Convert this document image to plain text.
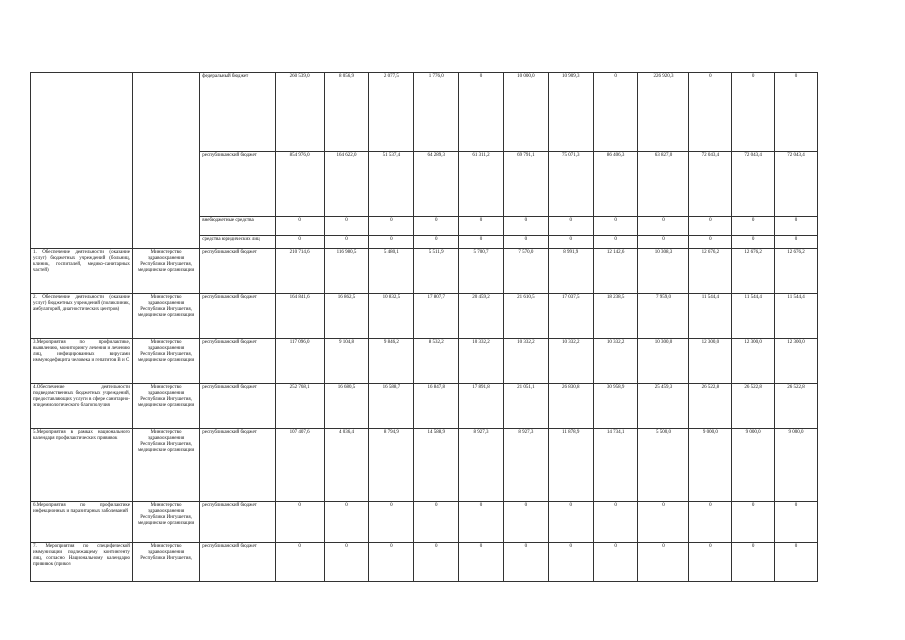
		федеральный бюджет	260 539,0	8 056,9	2 077,5	1 776,0	0	10 000,0	10 909,3	0	226 920,3	0	0	0
		республиканский бюджет	854 976,0	164 622,0	51 537,4	64 289,3	61 311,2	69 791,1	75 071,3	86 406,3	63 827,0	72 043,4	72 043,4	72 043,4
		внебюджетные средства	0	0	0	0	0	0	0	0	0	0	0	0
		средства юридических лиц	0	0	0	0	0	0	0	0	0	0	0	0
1. Обеспечение деятельности (оказание услуг) бюджетных учреждений (больниц, клиник, госпиталей, медико-санитарных частей)	Министерство здравоохранения Республики Ингушетия, медицинские организации	республиканский бюджет	210 714,6	116 980,5	5 480,1	5 511,9	5 700,7	7 570,0	8 991,9	12 142,6	10 308,3	12 676,2	12 676,2	12 676,2
2. Обеспечение деятельности (оказание услуг) бюджетных учреждений (поликлиник, амбулаторий, диагностических центров)	Министерство здравоохранения Республики Ингушетия, медицинские организации	республиканский бюджет	164 841,6	16 862,5	10 832,5	17 807,7	20 459,2	21 610,5	17 037,5	18 238,5	7 959,0	11 544,4	11 544,4	11 544,4
3.Мероприятия по профилактике, выявлению, мониторингу лечения и лечению лиц, инфицированных вирусами иммунодефицита человека и гепатитов В и С	Министерство здравоохранения Республики Ингушетия, медицинские организации	республиканский бюджет	117 096,0	9 104,8	9 846,2	8 532,2	10 332,2	10 332,2	10 332,2	10 332,2	10 300,0	12 300,0	12 300,0	12 300,0
4.Обеспечение деятельности подведомственных бюджетных учреждений, предоставляющих услуги в сфере санитарно-эпидемиологического благополучия	Министерство здравоохранения Республики Ингушетия, медицинские организации	республиканский бюджет	252 768,1	16 680,5	16 588,7	16 847,8	17 891,8	21 051,1	26 830,8	30 958,9	25 459,3	26 522,8	26 522,8	26 522,8
5.Мероприятия в рамках национального календаря профилактических прививок	Министерство здравоохранения Республики Ингушетия, медицинские организации	республиканский бюджет	107 407,6	4 036,4	8 794,9	14 588,9	8 927,3	8 927,3	11 878,9	14 734,1	5 500,0	9 000,0	9 000,0	9 000,0
6.Мероприятия по профилактике инфекционных и паразитарных заболеваний	Министерство здравоохранения Республики Ингушетия, медицинские организации	республиканский бюджет	0	0	0	0	0	0	0	0	0	0	0	0
7. Мероприятия по специфической иммунизации подлежащему контингенту лиц, согласно Национальному календарю прививок (прикоз	Министерство здравоохранения Республики Ингушетия,	республиканский бюджет	0	0	0	0	0	0	0	0	0	0	0	0
